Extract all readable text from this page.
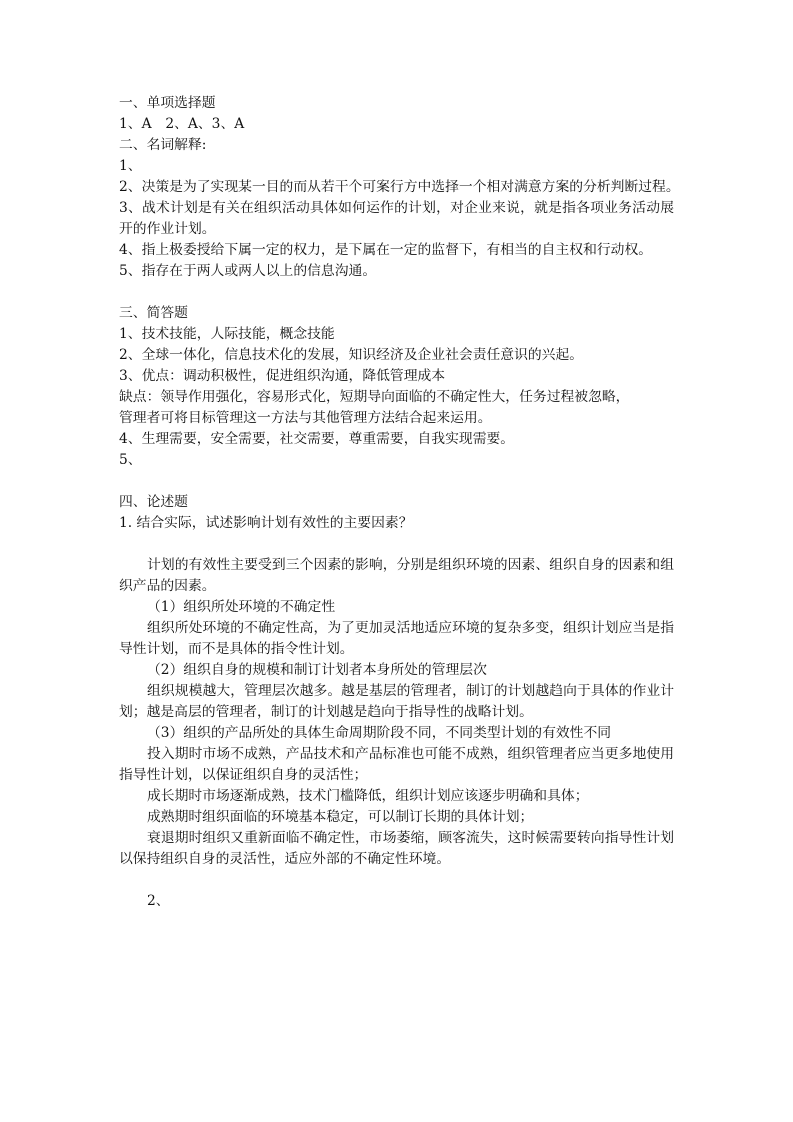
一、单项选择题
1、A　2、A、3、A
二、名词解释:
1、
2、决策是为了实现某一目的而从若干个可案行方中选择一个相对满意方案的分析判断过程。
3、战术计划是有关在组织活动具体如何运作的计划，对企业来说，就是指各项业务活动展
开的作业计划。
4、指上极委授给下属一定的权力，是下属在一定的监督下，有相当的自主权和行动权。
5、指存在于两人或两人以上的信息沟通。
三、简答题
1、技术技能，人际技能，概念技能
2、全球一体化，信息技术化的发展，知识经济及企业社会责任意识的兴起。
3、优点：调动积极性，促进组织沟通，降低管理成本
缺点：领导作用强化，容易形式化，短期导向面临的不确定性大，任务过程被忽略，
管理者可将目标管理这一方法与其他管理方法结合起来运用。
4、生理需要，安全需要，社交需要，尊重需要，自我实现需要。
5、
四、论述题
1. 结合实际，试述影响计划有效性的主要因素？
计划的有效性主要受到三个因素的影响，分别是组织环境的因素、组织自身的因素和组
织产品的因素。
（1）组织所处环境的不确定性
组织所处环境的不确定性高，为了更加灵活地适应环境的复杂多变，组织计划应当是指
导性计划，而不是具体的指令性计划。
（2）组织自身的规模和制订计划者本身所处的管理层次
组织规模越大，管理层次越多。越是基层的管理者，制订的计划越趋向于具体的作业计
划；越是高层的管理者，制订的计划越是趋向于指导性的战略计划。
（3）组织的产品所处的具体生命周期阶段不同，不同类型计划的有效性不同
投入期时市场不成熟，产品技术和产品标准也可能不成熟，组织管理者应当更多地使用
指导性计划，以保证组织自身的灵活性；
成长期时市场逐渐成熟，技术门槛降低，组织计划应该逐步明确和具体；
成熟期时组织面临的环境基本稳定，可以制订长期的具体计划；
衰退期时组织又重新面临不确定性，市场萎缩，顾客流失，这时候需要转向指导性计划
以保持组织自身的灵活性，适应外部的不确定性环境。
2、
